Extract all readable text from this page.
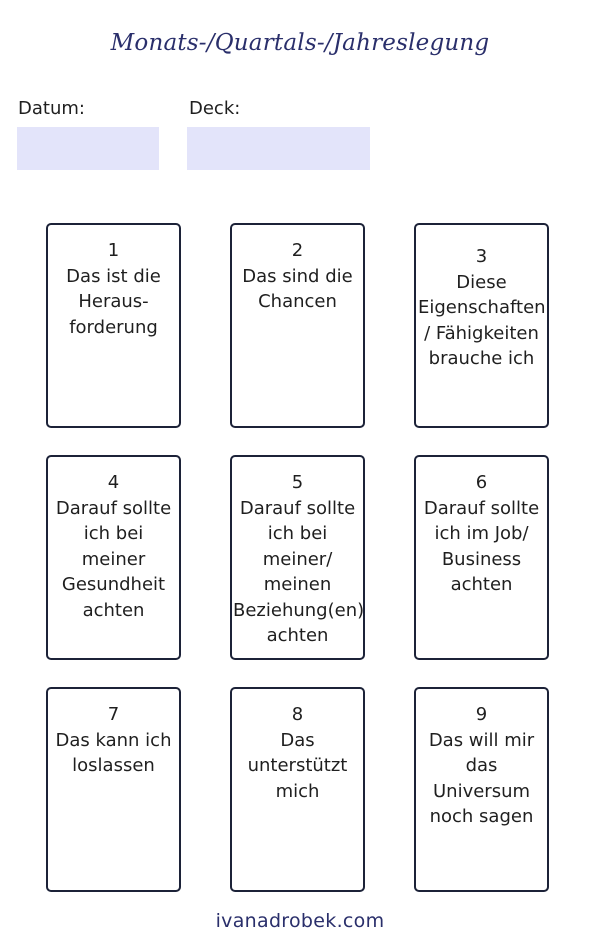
Monats-/Quartals-/Jahreslegung
Datum:	Deck:
1
Das ist die Heraus-forderung
2
Das sind die Chancen
3
Diese Eigenschaften / Fähigkeiten brauche ich
4
Darauf sollte ich bei meiner Gesundheit achten
5
Darauf sollte ich bei meiner/ meinen Beziehung(en) achten
6
Darauf sollte ich im Job/ Business achten
7
Das kann ich loslassen
8
Das unterstützt mich
9
Das will mir das Universum noch sagen
ivanadrobek.com
